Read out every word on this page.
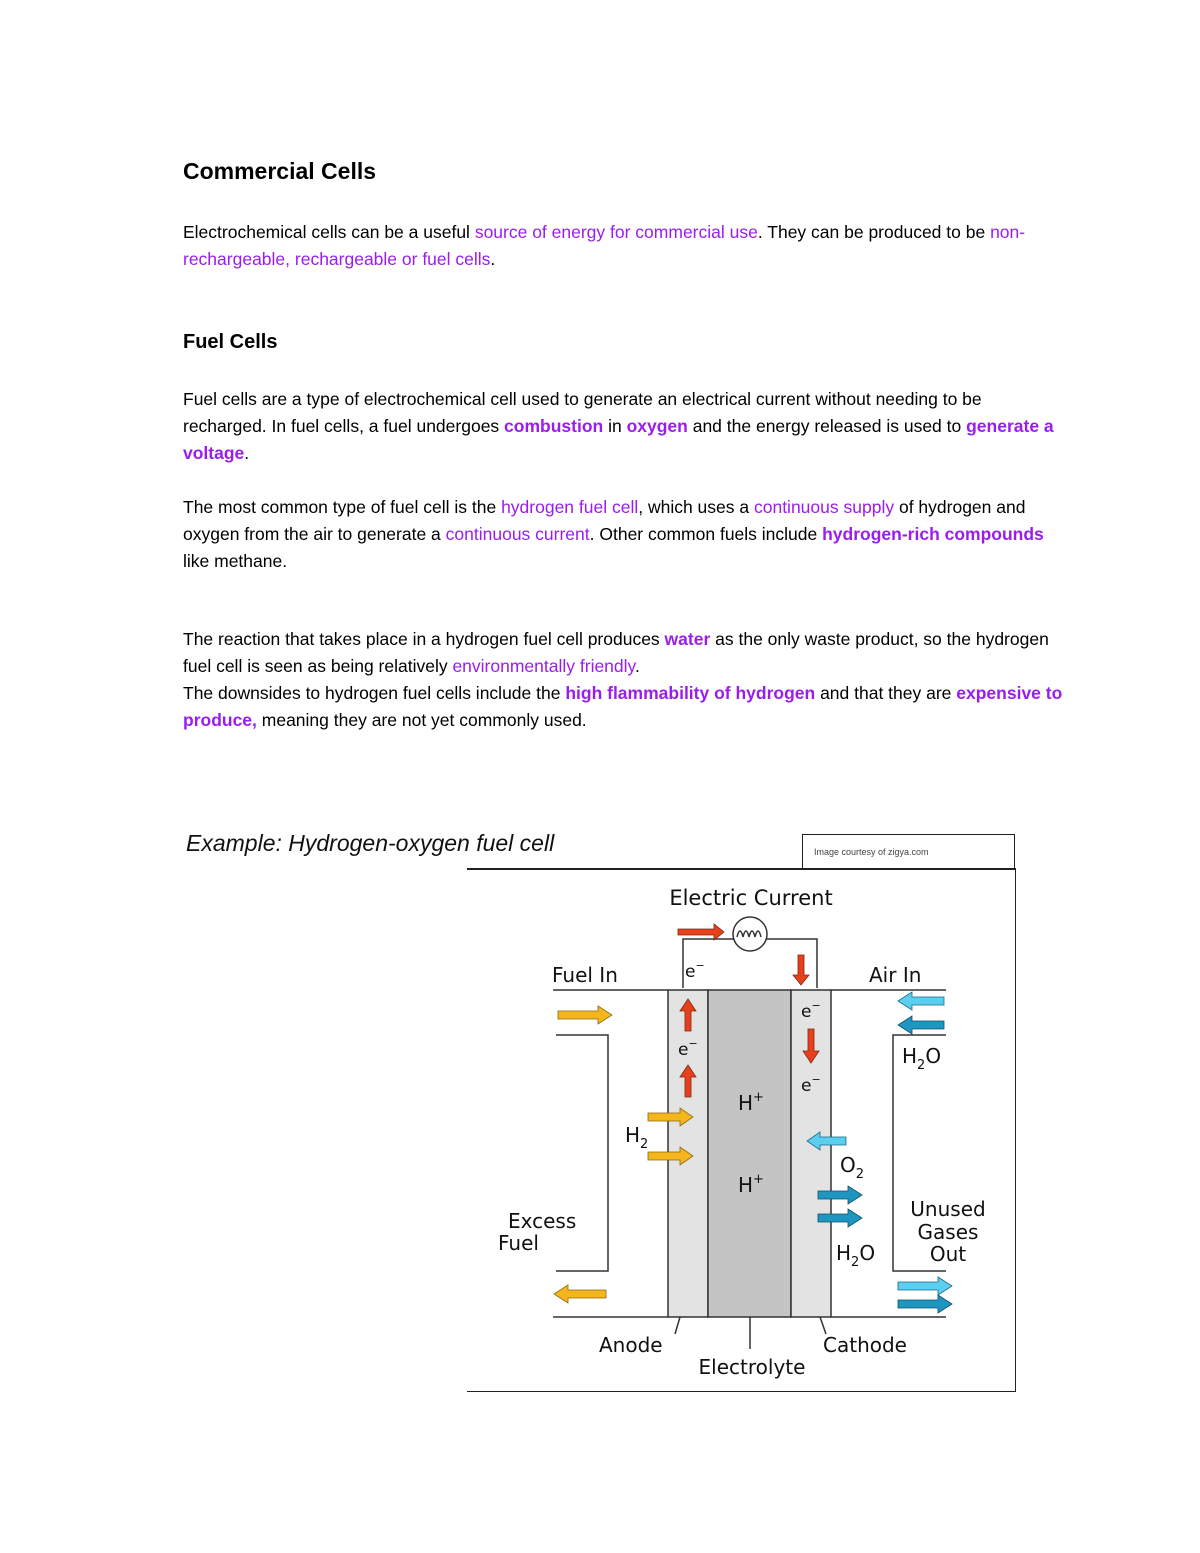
Commercial Cells

Electrochemical cells can be a useful source of energy for commercial use. They can be produced to be non-rechargeable, rechargeable or fuel cells.

Fuel Cells

Fuel cells are a type of electrochemical cell used to generate an electrical current without needing to be recharged. In fuel cells, a fuel undergoes combustion in oxygen and the energy released is used to generate a voltage.

The most common type of fuel cell is the hydrogen fuel cell, which uses a continuous supply of hydrogen and oxygen from the air to generate a continuous current. Other common fuels include hydrogen-rich compounds like methane.

The reaction that takes place in a hydrogen fuel cell produces water as the only waste product, so the hydrogen fuel cell is seen as being relatively environmentally friendly.

The downsides to hydrogen fuel cells include the high flammability of hydrogen and that they are expensive to produce, meaning they are not yet commonly used.

Example: Hydrogen-oxygen fuel cell	Image courtesy of zigya.com
Electric Current
Fuel In	Air In
e−
e−
e−
e−
H+
H+
$H_2$
$O_2$
$H_2O$
$H_2O$
Excess
Fuel
Unused
Gases
Out
Anode	Cathode
Electrolyte
